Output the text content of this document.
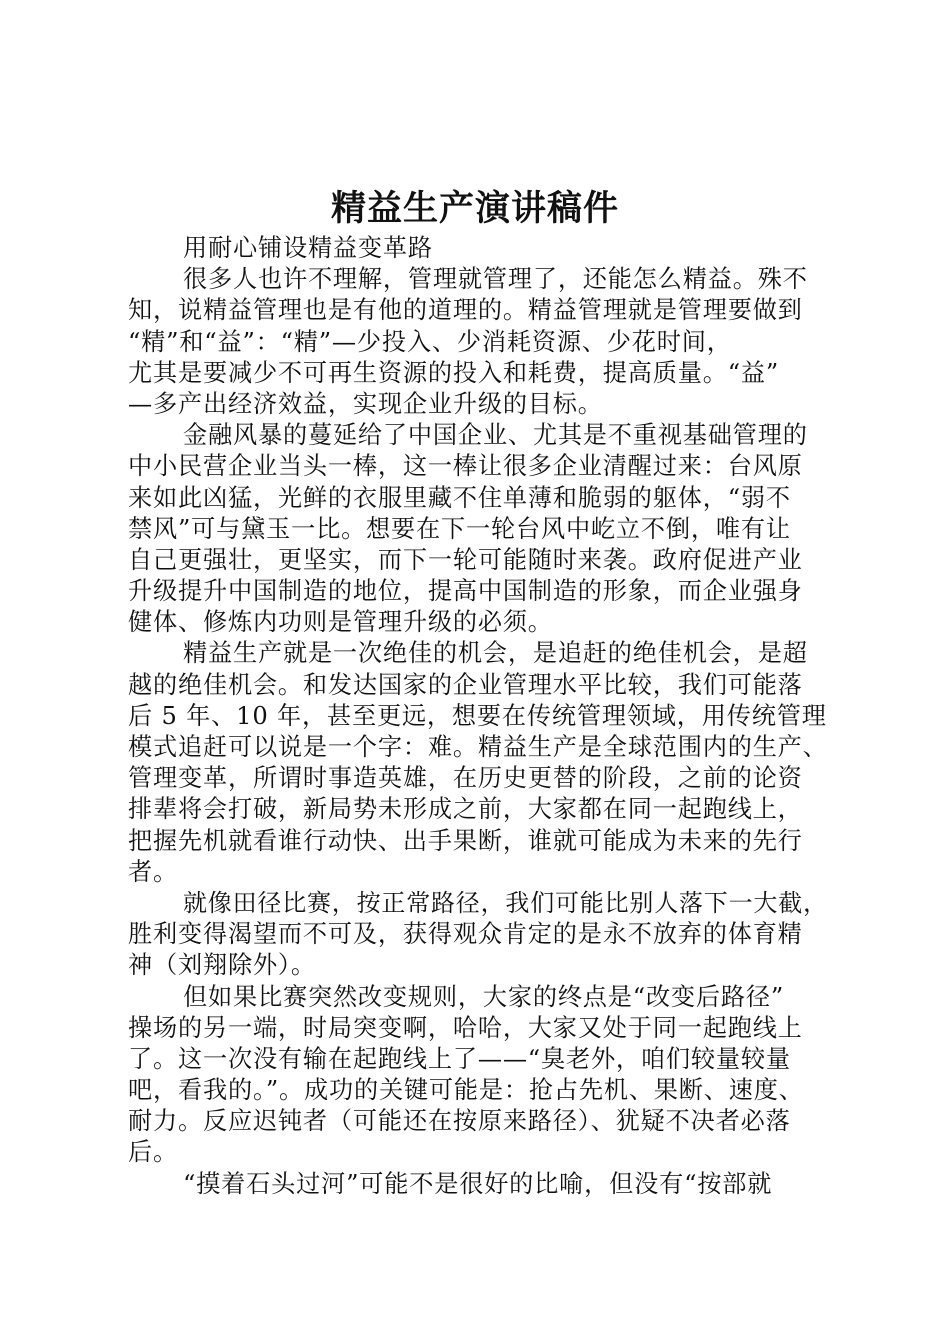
精益生产演讲稿件
用耐心铺设精益变革路
很多人也许不理解，管理就管理了，还能怎么精益。殊不
知，说精益管理也是有他的道理的。精益管理就是管理要做到
“精”和“益”：“精”—少投入、少消耗资源、少花时间，
尤其是要减少不可再生资源的投入和耗费，提高质量。“益”
—多产出经济效益，实现企业升级的目标。
金融风暴的蔓延给了中国企业、尤其是不重视基础管理的
中小民营企业当头一棒，这一棒让很多企业清醒过来：台风原
来如此凶猛，光鲜的衣服里藏不住单薄和脆弱的躯体，“弱不
禁风”可与黛玉一比。想要在下一轮台风中屹立不倒，唯有让
自己更强壮，更坚实，而下一轮可能随时来袭。政府促进产业
升级提升中国制造的地位，提高中国制造的形象，而企业强身
健体、修炼内功则是管理升级的必须。
精益生产就是一次绝佳的机会，是追赶的绝佳机会，是超
越的绝佳机会。和发达国家的企业管理水平比较，我们可能落
后 5 年、10 年，甚至更远，想要在传统管理领域，用传统管理
模式追赶可以说是一个字：难。精益生产是全球范围内的生产、
管理变革，所谓时事造英雄，在历史更替的阶段，之前的论资
排辈将会打破，新局势未形成之前，大家都在同一起跑线上，
把握先机就看谁行动快、出手果断，谁就可能成为未来的先行
者。
就像田径比赛，按正常路径，我们可能比别人落下一大截，
胜利变得渴望而不可及，获得观众肯定的是永不放弃的体育精
神（刘翔除外）。
但如果比赛突然改变规则，大家的终点是“改变后路径”
操场的另一端，时局突变啊，哈哈，大家又处于同一起跑线上
了。这一次没有输在起跑线上了——“臭老外，咱们较量较量
吧，看我的。”。成功的关键可能是：抢占先机、果断、速度、
耐力。反应迟钝者（可能还在按原来路径）、犹疑不决者必落
后。
“摸着石头过河”可能不是很好的比喻，但没有“按部就
